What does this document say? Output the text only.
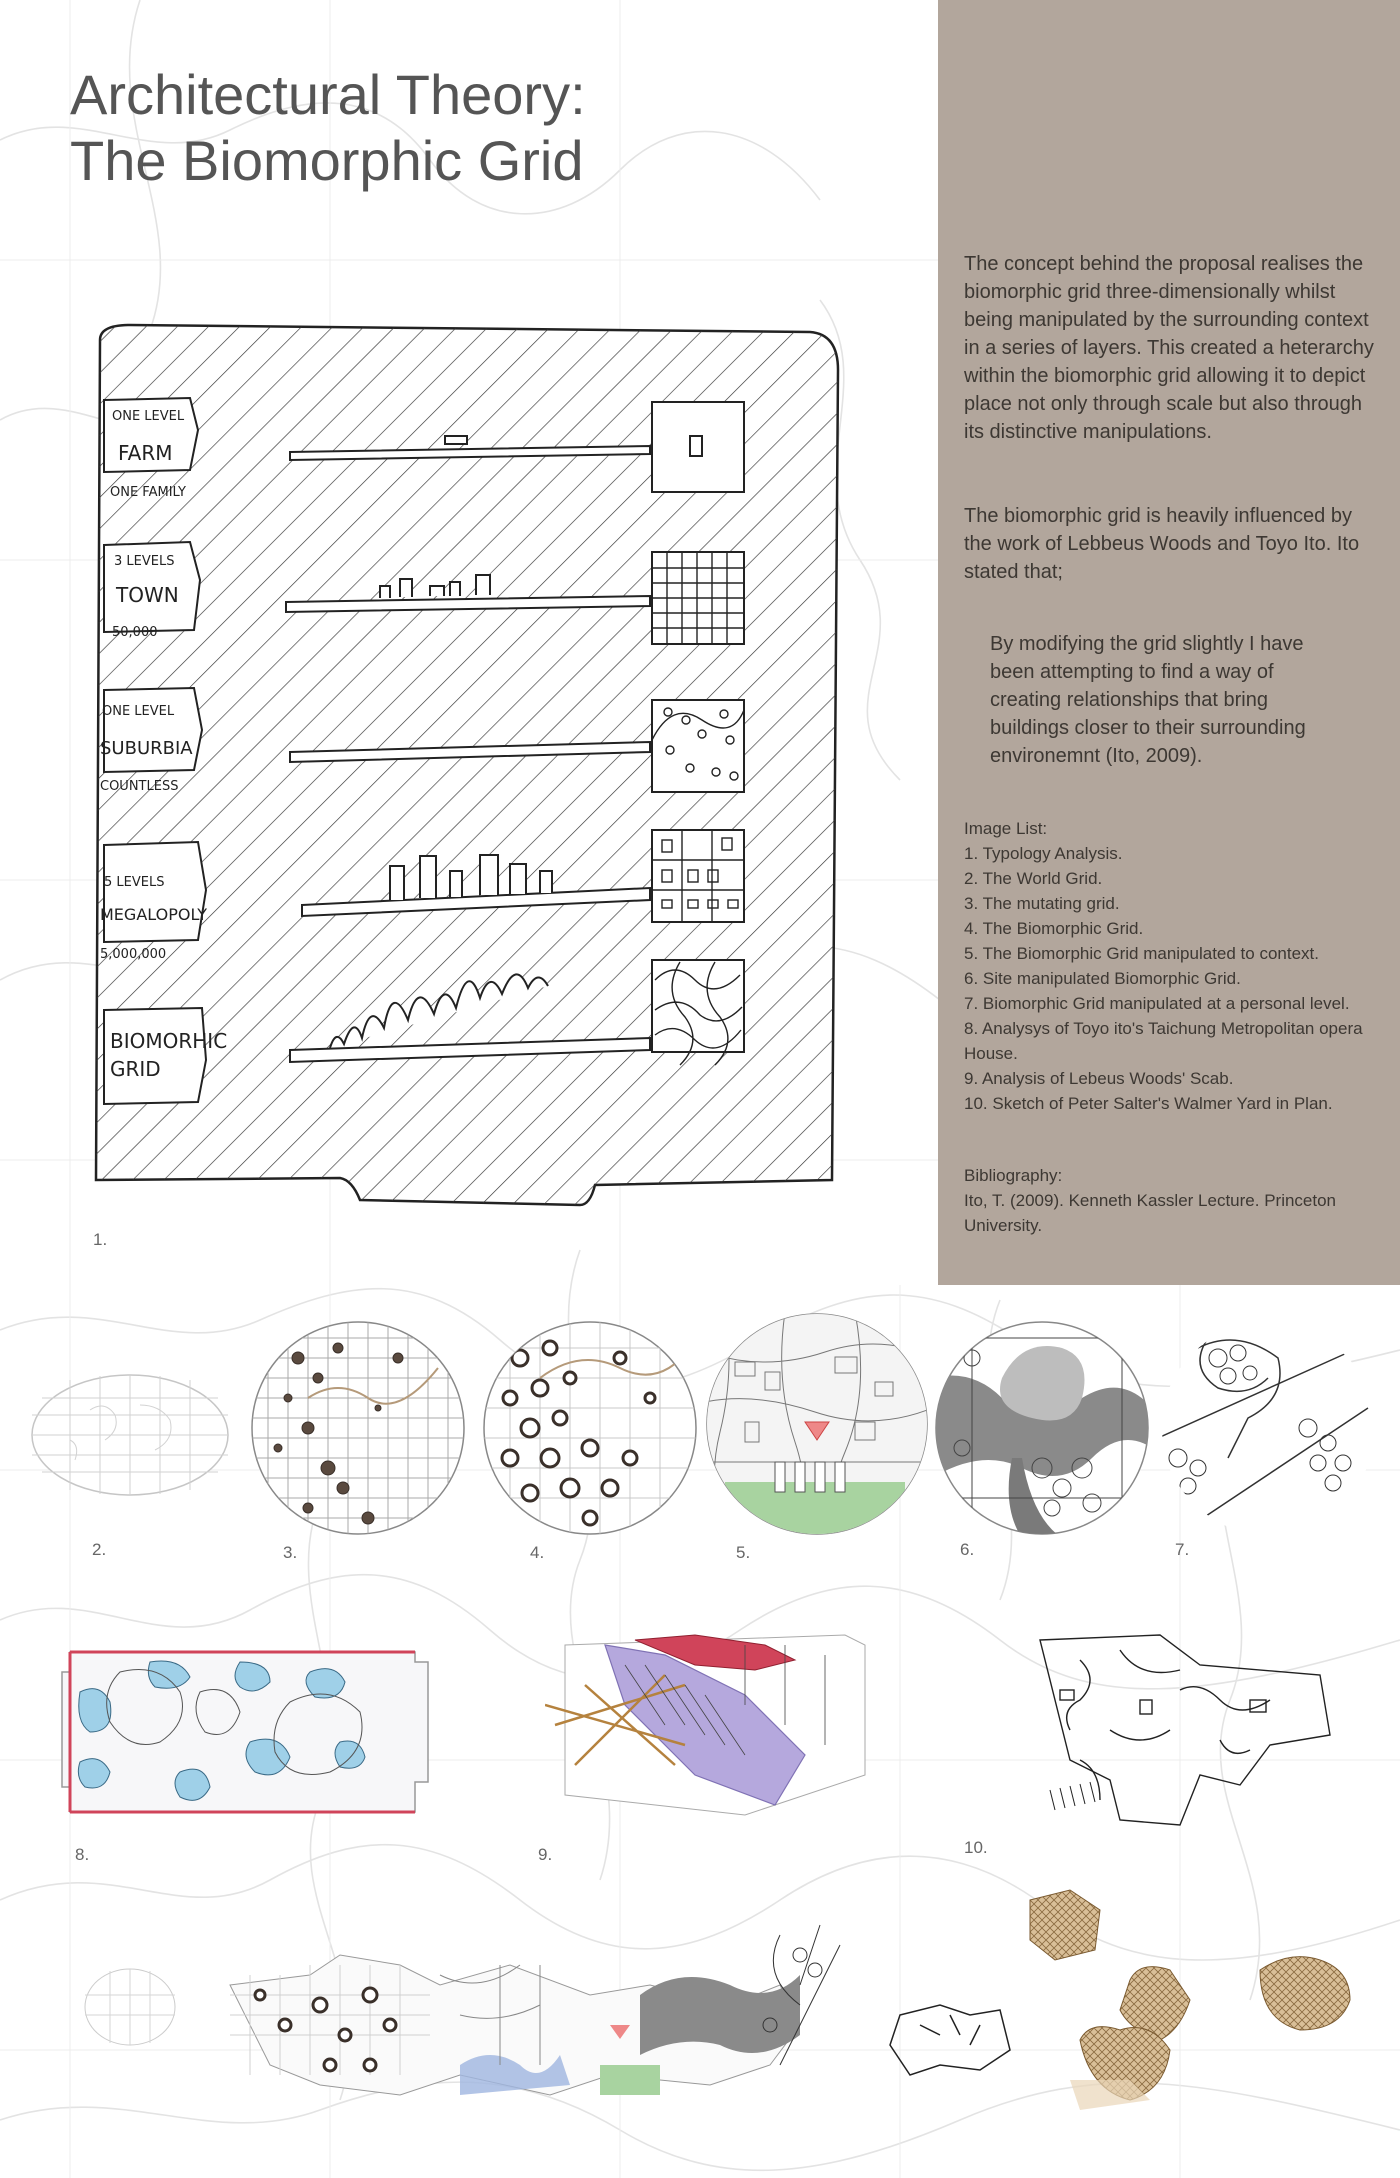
Architectural Theory:
The Biomorphic Grid
The concept behind the proposal realises the biomorphic grid three-dimensionally whilst being manipulated by the surrounding context in a series of layers. This created a heterarchy within the biomorphic grid allowing it to depict place not only through scale but also through its distinctive manipulations.
The biomorphic grid is heavily influenced by the work of Lebbeus Woods and Toyo Ito. Ito stated that;
By modifying the grid slightly I have been attempting to find a way of creating relationships that bring buildings closer to their surrounding environemnt (Ito, 2009).
Image List:
1. Typology Analysis.
2. The World Grid.
3. The mutating grid.
4. The Biomorphic Grid.
5. The Biomorphic Grid manipulated to context.
6. Site manipulated Biomorphic Grid.
7. Biomorphic Grid manipulated at a personal level.
8. Analysys of Toyo ito's Taichung Metropolitan opera House.
9. Analysis of Lebeus Woods' Scab.
10. Sketch of Peter Salter's Walmer Yard in Plan.
Bibliography:
Ito, T. (2009). Kenneth Kassler Lecture. Princeton University.
ONE LEVEL
FARM
ONE FAMILY
3 LEVELS
TOWN
50,000
ONE LEVEL
SUBURBIA
COUNTLESS
5 LEVELS
MEGALOPOLY
5,000,000
BIOMORHIC
GRID
1.
2.	3.	4.	5.	6.	7.
8.	9.	10.
